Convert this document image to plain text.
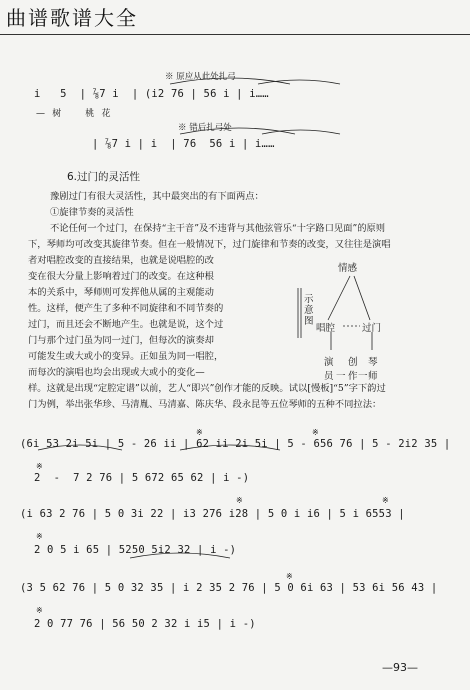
曲谱歌谱大全
※ 原应从此处扎弓
i   5  | ⅞7 i  | (i2 76 | 56 i | i……
—  树       桃  花
※ 错后扎弓处
| ⅞7 i | i  | 76  56 i | i……
6.过门的灵活性
豫剧过门有很大灵活性，其中最突出的有下面两点：
①旋律节奏的灵活性
不论任何一个过门，在保持“主干音”及不违背与其他弦管乐“十字路口见面”的原则
下，琴师均可改变其旋律节奏。但在一般情况下，过门旋律和节奏的改变，又往往是演唱
者对唱腔改变的直接结果，也就是说唱腔的改
变在很大分量上影响着过门的改变。在这种根
本的关系中，琴师则可发挥他从属的主观能动
性。这样，便产生了多种不同旋律和不同节奏的
过门，而且还会不断地产生。也就是说，这个过
门与那个过门虽为同一过门，但每次的演奏却
可能发生或大或小的变异。正如虽为同一唱腔，
而每次的演唱也均会出现或大或小的变化—
样。这就是出现“定腔定谱”以前，艺人“即兴”创作才能的反映。试以[慢板]“5”字下韵过
门为例，举出张华珍、马清胤、马清嘉、陈庆华、段永昆等五位琴师的五种不同拉法：
情感
示意图
唱腔	过门
演 创 琴
员 一 作 一 师
※	※
(6i 53 2i 5i | 5 - 26 ii | 62 ii 2i 5i | 5 - 656 76 | 5 - 2i2 35 |
※
2  -  7 2 76 | 5 672 65 62 | i -)
※	※
(i 63 2 76 | 5 0 3i 22 | i3 276 i28 | 5 0 i i6 | 5 i 6553 |
※
2 0 5 i 65 | 5250 5i2 32 | i -)
※
(3 5 62 76 | 5 0 32 35 | i 2 35 2 76 | 5 0 6i 63 | 53 6i 56 43 |
※
2 0 77 76 | 56 50 2 32 i i5 | i -)
—93—
